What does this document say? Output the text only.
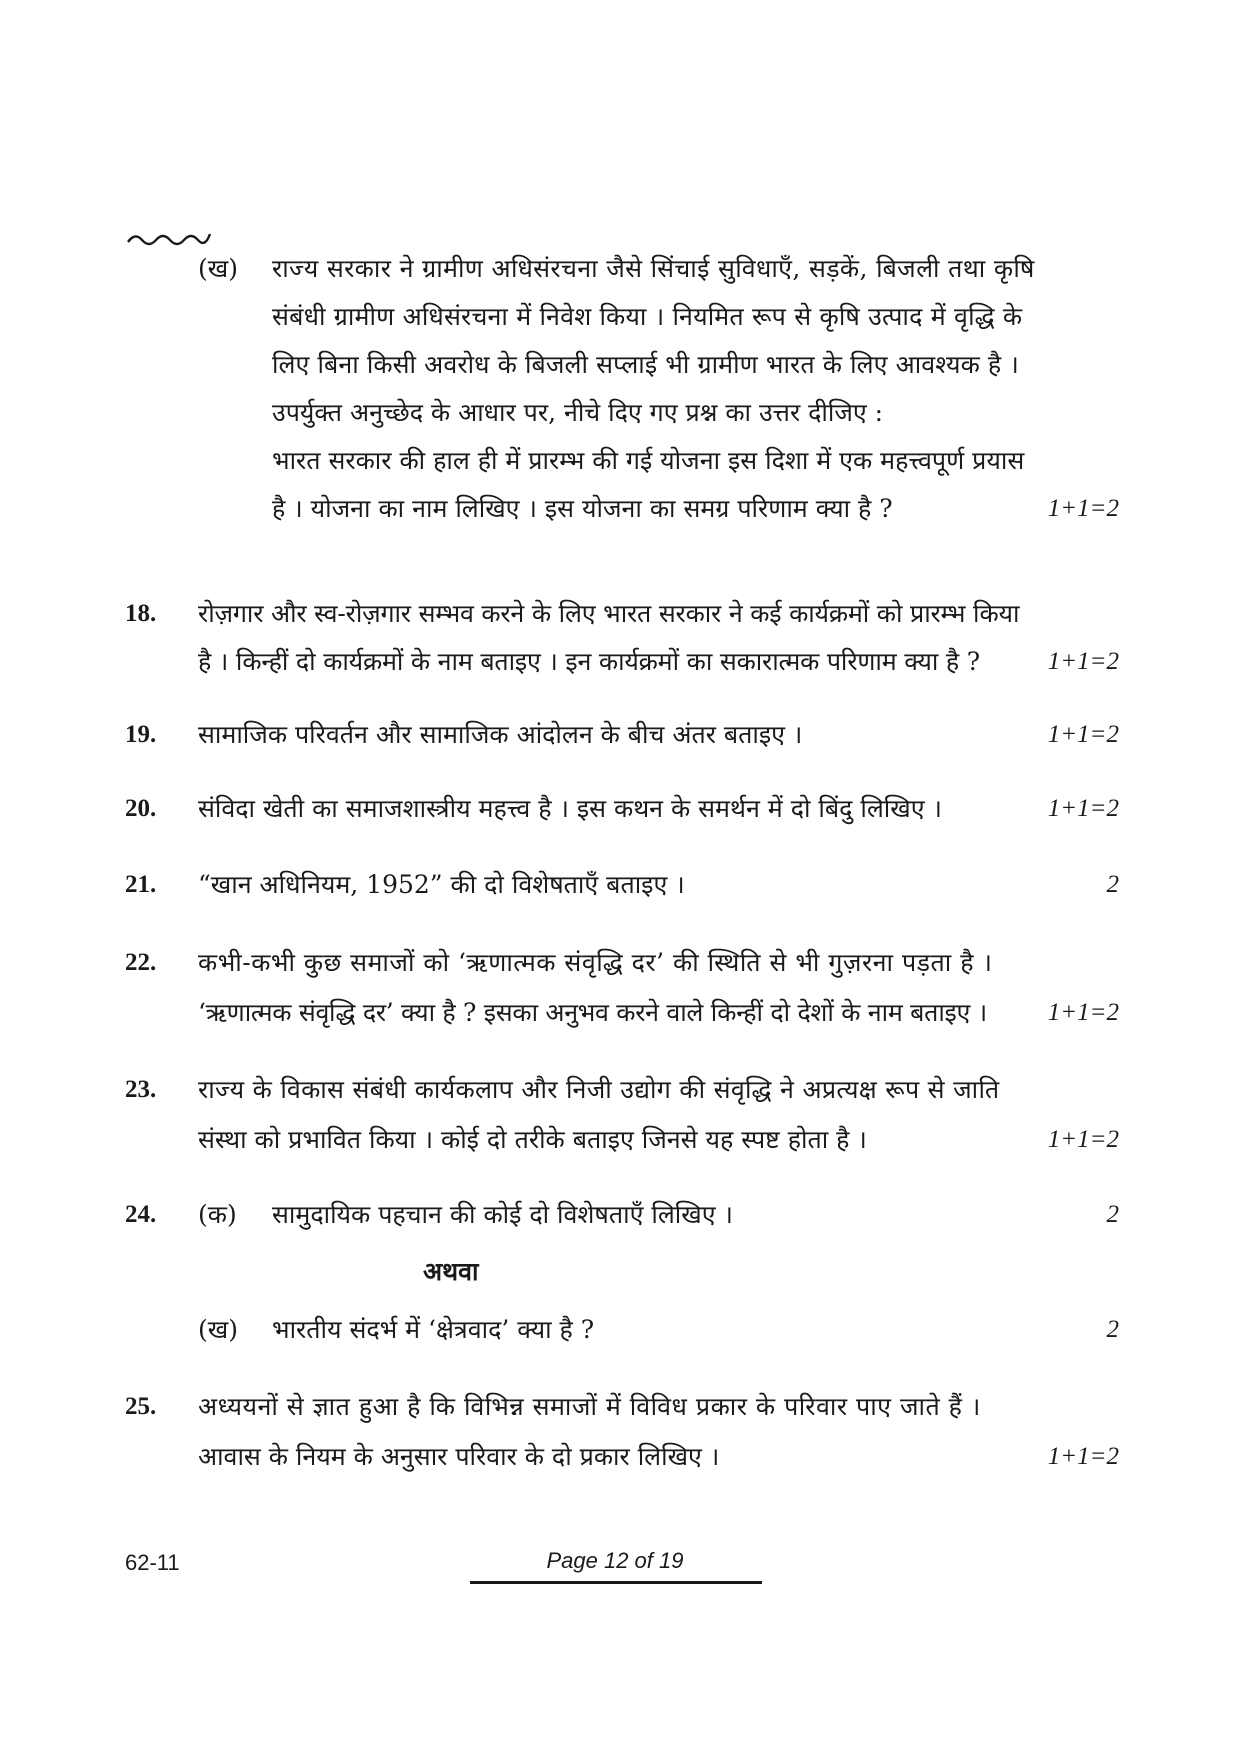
(ख) राज्य सरकार ने ग्रामीण अधिसंरचना जैसे सिंचाई सुविधाएँ, सड़कें, बिजली तथा कृषि
संबंधी ग्रामीण अधिसंरचना में निवेश किया । नियमित रूप से कृषि उत्पाद में वृद्धि के
लिए बिना किसी अवरोध के बिजली सप्लाई भी ग्रामीण भारत के लिए आवश्यक है ।
उपर्युक्त अनुच्छेद के आधार पर, नीचे दिए गए प्रश्न का उत्तर दीजिए :
भारत सरकार की हाल ही में प्रारम्भ की गई योजना इस दिशा में एक महत्त्वपूर्ण प्रयास
है । योजना का नाम लिखिए । इस योजना का समग्र परिणाम क्या है ?	1+1=2
18. रोज़गार और स्व-रोज़गार सम्भव करने के लिए भारत सरकार ने कई कार्यक्रमों को प्रारम्भ किया
है । किन्हीं दो कार्यक्रमों के नाम बताइए । इन कार्यक्रमों का सकारात्मक परिणाम क्या है ?	1+1=2
19. सामाजिक परिवर्तन और सामाजिक आंदोलन के बीच अंतर बताइए ।	1+1=2
20. संविदा खेती का समाजशास्त्रीय महत्त्व है । इस कथन के समर्थन में दो बिंदु लिखिए ।	1+1=2
21. “खान अधिनियम, 1952” की दो विशेषताएँ बताइए ।	2
22. कभी-कभी कुछ समाजों को ‘ऋणात्मक संवृद्धि दर’ की स्थिति से भी गुज़रना पड़ता है ।
‘ऋणात्मक संवृद्धि दर’ क्या है ? इसका अनुभव करने वाले किन्हीं दो देशों के नाम बताइए । 1+1=2
23. राज्य के विकास संबंधी कार्यकलाप और निजी उद्योग की संवृद्धि ने अप्रत्यक्ष रूप से जाति
संस्था को प्रभावित किया । कोई दो तरीके बताइए जिनसे यह स्पष्ट होता है ।	1+1=2
24. (क) सामुदायिक पहचान की कोई दो विशेषताएँ लिखिए ।	2
अथवा
(ख) भारतीय संदर्भ में ‘क्षेत्रवाद’ क्या है ?	2
25. अध्ययनों से ज्ञात हुआ है कि विभिन्न समाजों में विविध प्रकार के परिवार पाए जाते हैं ।
आवास के नियम के अनुसार परिवार के दो प्रकार लिखिए ।	1+1=2
62-11	Page 12 of 19
